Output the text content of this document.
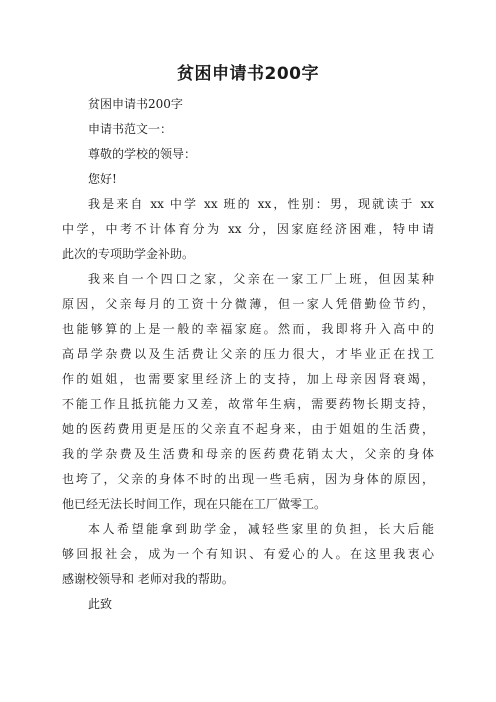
贫困申请书200字
贫困申请书200字
申请书范文一：
尊敬的学校的领导：
您好!
我是来自 xx 中学 xx 班的 xx，性别：男，现就读于 xx
中学，中考不计体育分为 xx 分，因家庭经济困难，特申请
此次的专项助学金补助。
我来自一个四口之家，父亲在一家工厂上班，但因某种
原因，父亲每月的工资十分微薄，但一家人凭借勤俭节约，
也能够算的上是一般的幸福家庭。然而，我即将升入高中的
高昂学杂费以及生活费让父亲的压力很大，才毕业正在找工
作的姐姐，也需要家里经济上的支持，加上母亲因肾衰竭，
不能工作且抵抗能力又差，故常年生病，需要药物长期支持，
她的医药费用更是压的父亲直不起身来，由于姐姐的生活费，
我的学杂费及生活费和母亲的医药费花销太大，父亲的身体
也垮了，父亲的身体不时的出现一些毛病，因为身体的原因，
他已经无法长时间工作，现在只能在工厂做零工。
本人希望能拿到助学金，减轻些家里的负担，长大后能
够回报社会，成为一个有知识、有爱心的人。在这里我衷心
感谢校领导和 老师对我的帮助。
此致
